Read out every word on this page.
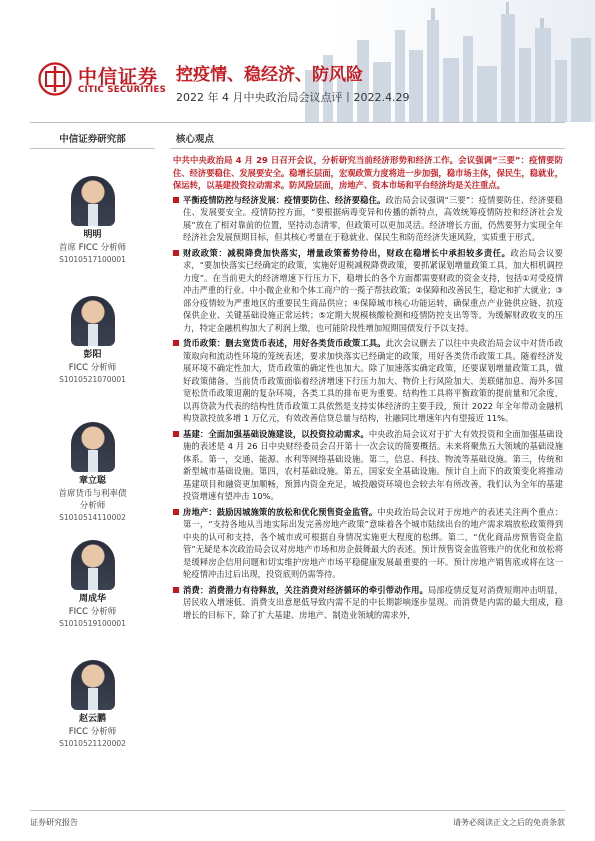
中信证券
CITIC SECURITIES
控疫情、稳经济、防风险
2022 年 4 月中央政治局会议点评丨2022.4.29
中信证券研究部	核心观点
明明
首席 FICC 分析师
S1010517100001
彭阳
FICC 分析师
S1010521070001
章立聪
首席货币与利率债
分析师
S1010514110002
周成华
FICC 分析师
S1010519100001
赵云鹏
FICC 分析师
S1010521120002

中共中央政治局 4 月 29 日召开会议，分析研究当前经济形势和经济工作。会议强调“三要”：疫情要防住、经济要稳住、发展要安全。稳增长层面，宏观政策力度将进一步加强，稳市场主体，保民生，稳就业，保运转，以基建投资拉动需求。防风险层面，房地产、资本市场和平台经济均是关注重点。

平衡疫情防控与经济发展：疫情要防住、经济要稳住。政治局会议强调“三要”：疫情要防住、经济要稳住、发展要安全。疫情防控方面，“要根据病毒变异和传播的新特点，高效统筹疫情防控和经济社会发展”放在了相对靠前的位置，坚持动态清零，但政策可以更加灵活。经济增长方面，仍然要努力实现全年经济社会发展预期目标，但其核心考量在于稳就业、保民生和防范经济失速风险，实质重于形式。

财政政策：减税降费加快落实，增量政策蓄势待出，财政在稳增长中承担较多责任。政治局会议要求，“要加快落实已经确定的政策，实施好退税减税降费政策，要抓紧谋划增量政策工具，加大相机调控力度”。在当前更大的经济增速下行压力下，稳增长的各个方面都需要财政的资金支持，包括①对受疫情冲击严重的行业、中小微企业和个体工商户的一揽子帮扶政策；②保障和改善民生，稳定和扩大就业；③部分疫情较为严重地区的重要民生商品供应；④保障城市核心功能运转，确保重点产业链供应链、抗疫保供企业、关键基础设施正常运转；⑤定期大规模核酸检测和疫情防控支出等等。为缓解财政收支的压力，特定金融机构加大了利润上缴，也可能阶段性增加短期国债发行予以支持。

货币政策：删去宽货币表述，用好各类货币政策工具。此次会议删去了以往中央政治局会议中对货币政策取向和流动性环境的笼统表述，要求加快落实已经确定的政策，用好各类货币政策工具。随着经济发展环境不确定性加大，货币政策的确定性也加大。除了加速落实确定政策，还要谋划增量政策工具，做好政策储备。当前货币政策面临着经济增速下行压力加大、物价上行风险加大、美联储加息、海外多国宽松货币政策退潮的复杂环境，各类工具的排布更为重要。结构性工具将平衡政策的提前量和冗余度，以再贷款为代表的结构性货币政策工具依然是支持实体经济的主要手段，预计 2022 年全年带动金融机构贷款投放多增 1 万亿元，有效改善信贷总量与结构，社融同比增速年内有望接近 11%。

基建：全面加强基础设施建设，以投资拉动需求。中央政治局会议对于扩大有效投资和全面加强基础设施的表述是 4 月 26 日中央财经委员会召开第十一次会议的简要概括。未来将聚焦五大领域的基础设施体系。第一，交通、能源、水利等网络基础设施。第二，信息、科技、物流等基础设施。第三，传统和新型城市基础设施。第四，农村基础设施。第五，国家安全基础设施。预计自上而下的政策变化将推动基建项目和融资更加顺畅，预算内资金充足，城投融资环境也会较去年有所改善，我们认为全年的基建投资增速有望冲击 10%。

房地产：鼓励因城施策的放松和优化预售资金监管。中央政治局会议对于房地产的表述关注两个重点：第一，“支持各地从当地实际出发完善房地产政策”意味着各个城市陆续出台的地产需求端放松政策得到中央的认可和支持，各个城市或可根据自身情况实施更大程度的松绑。第二，“优化商品房预售资金监管”无疑是本次政治局会议对房地产市场和房企鼓舞最大的表述。预计预售资金监管账户的优化和放松将是缓释房企信用问题和切实维护房地产市场平稳健康发展最重要的一环。预计房地产销售底或将在这一轮疫情冲击过后出现，投资底则仍需等待。

消费：消费潜力有待释放，关注消费对经济循环的牵引带动作用。局部疫情反复对消费短期冲击明显，居民收入增速低、消费支出意愿低导致内需不足的中长期影响逐步显现。而消费是内需的最大组成，稳增长的目标下，除了扩大基建、房地产、制造业领域的需求外，

证券研究报告	请务必阅读正文之后的免责条款
